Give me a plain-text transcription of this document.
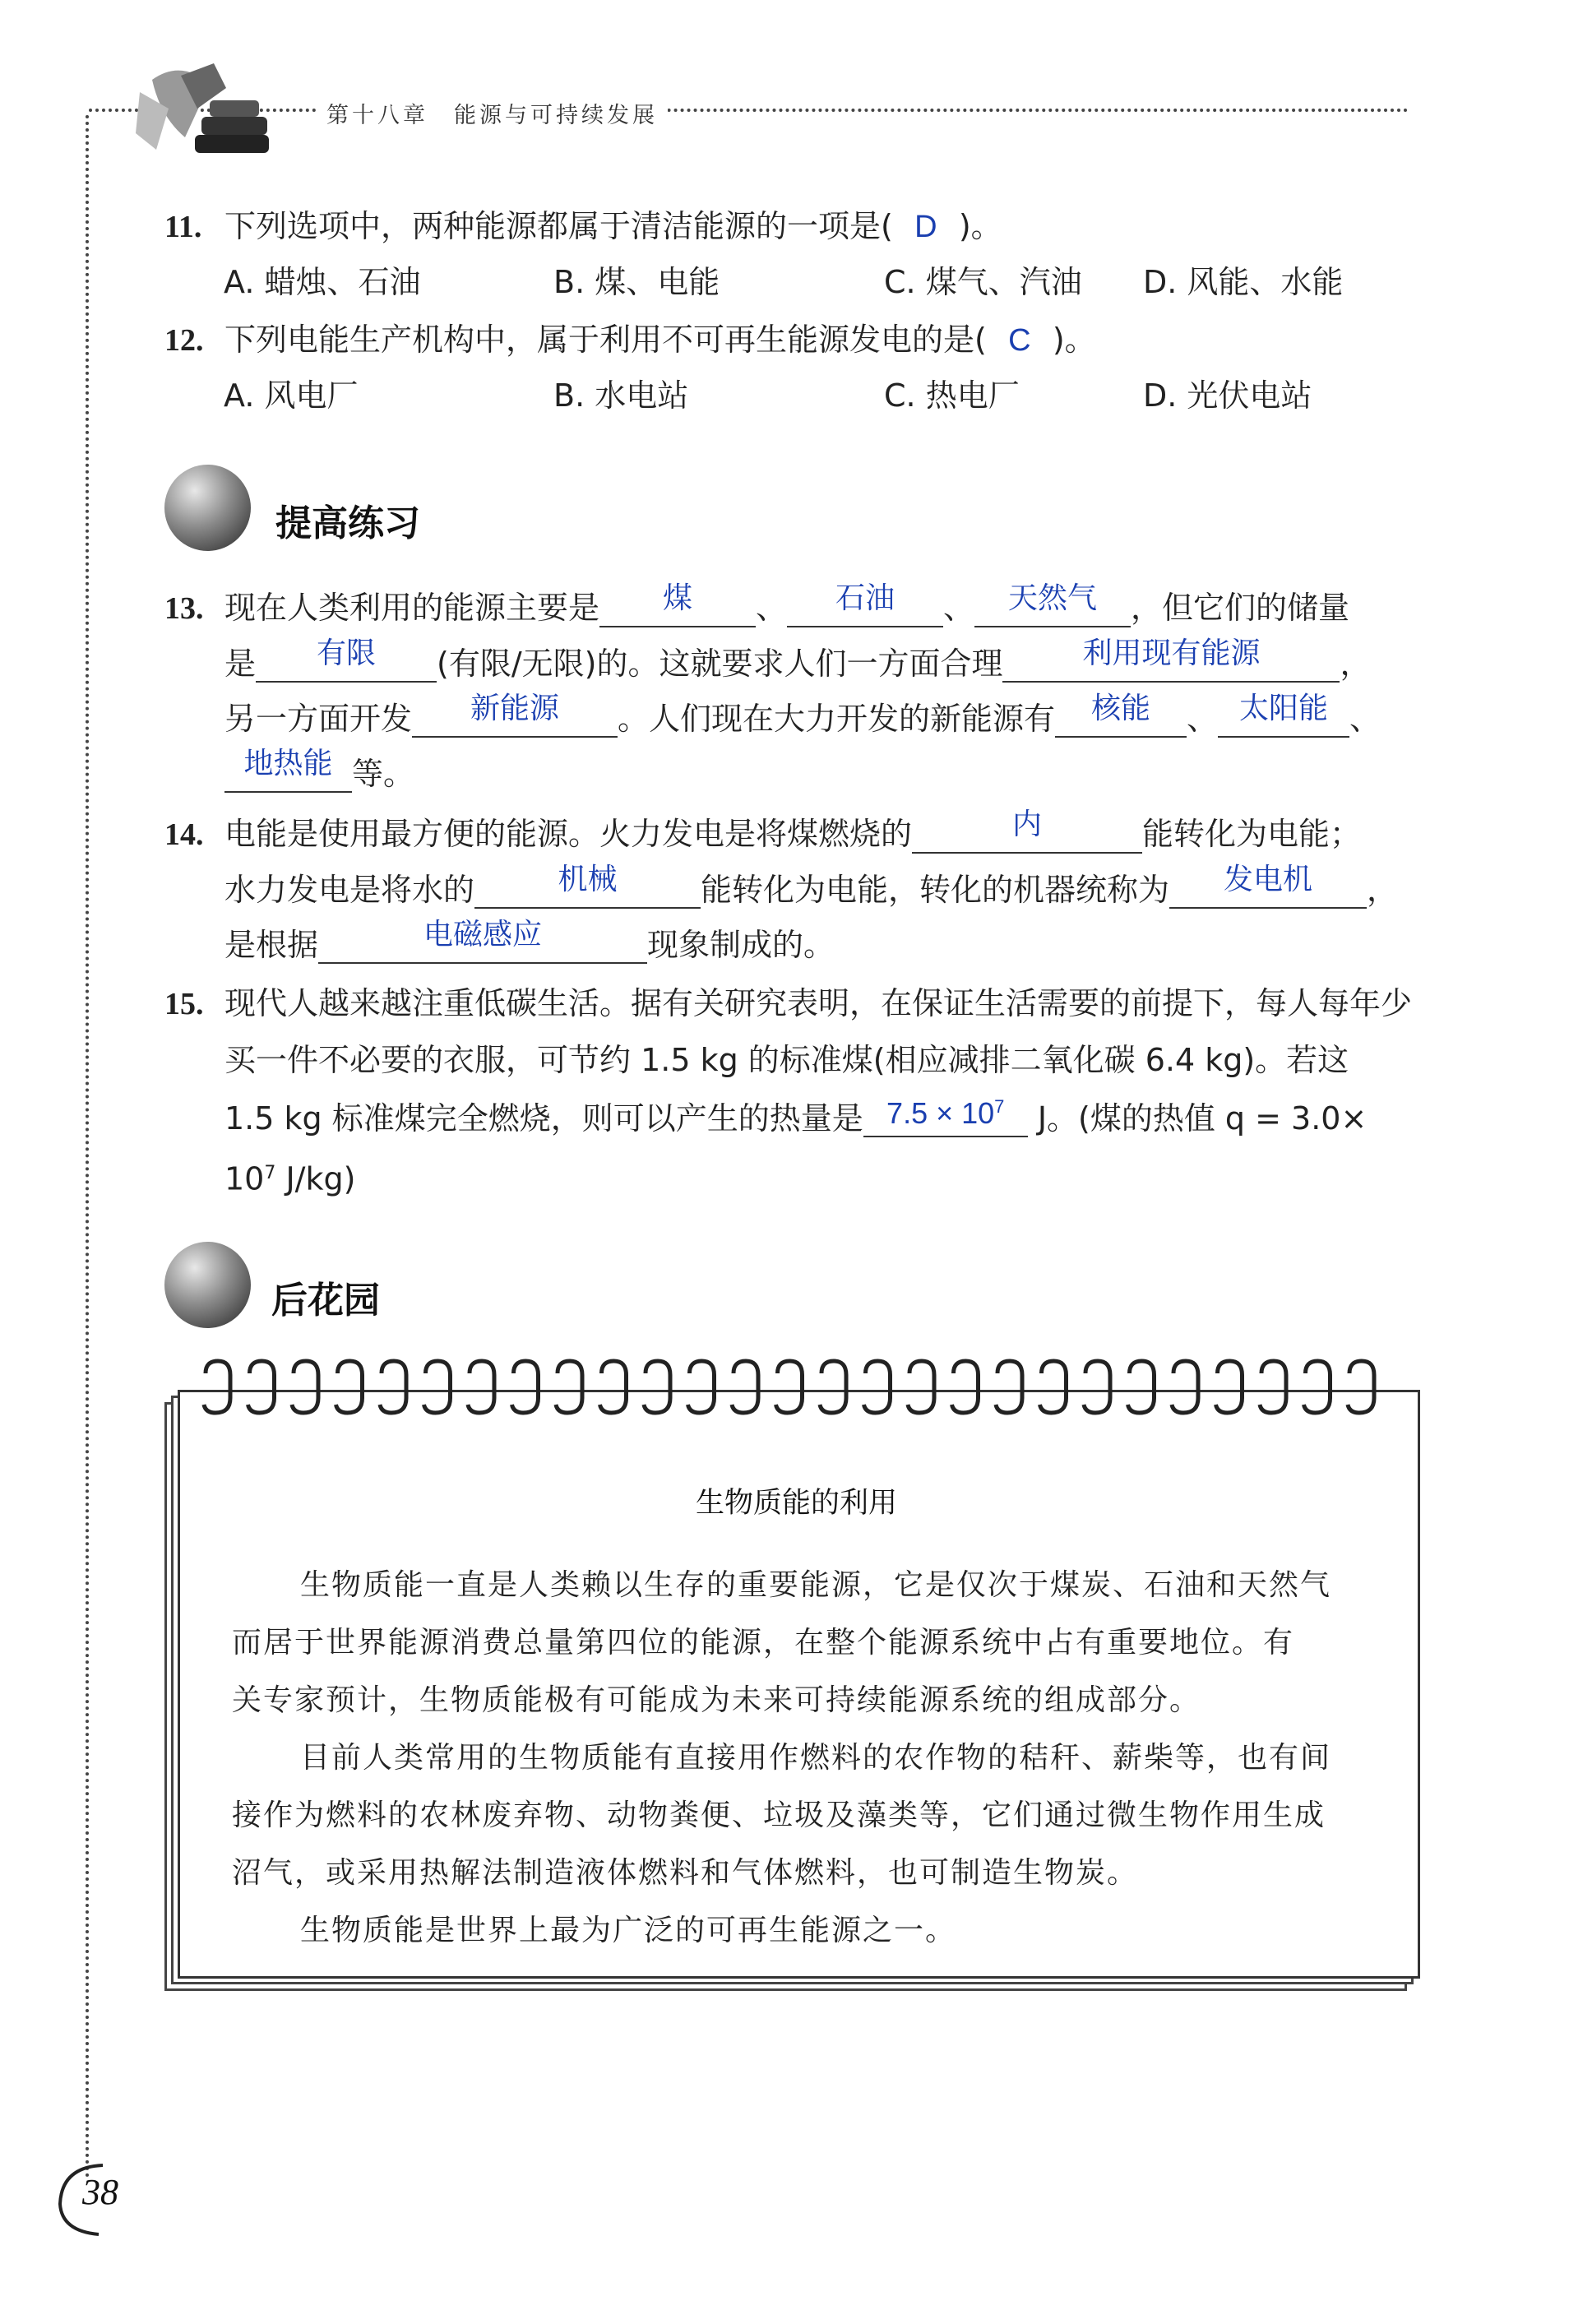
第十八章　能源与可持续发展
11. 下列选项中，两种能源都属于清洁能源的一项是( D )。
A. 蜡烛、石油	B. 煤、电能	C. 煤气、汽油 D. 风能、水能
12. 下列电能生产机构中，属于利用不可再生能源发电的是( C )。
A. 风电厂	B. 水电站	C. 热电厂	D. 光伏电站
提高练习
13. 现在人类利用的能源主要是 煤 、 石油 、 天然气 ，但它们的储量
是 有限 (有限/无限)的。这就要求人们一方面合理	利用现有能源	，
另一方面开发 新能源 。人们现在大力开发的新能源有 核能 、 太阳能 、
地热能 等。
14. 电能是使用最方便的能源。火力发电是将煤燃烧的	内	能转化为电能；
水力发电是将水的	机械	能转化为电能，转化的机器统称为 发电机 ，
是根据	电磁感应	现象制成的。
15. 现代人越来越注重低碳生活。据有关研究表明，在保证生活需要的前提下，每人每年少
买一件不必要的衣服，可节约 1.5 kg 的标准煤(相应减排二氧化碳 6.4 kg)。若这
1.5 kg 标准煤完全燃烧，则可以产生的热量是 $7.5 \times 10^7$ J。(煤的热值 q = 3.0×
$10^7$ J/kg)
后花园
生物质能的利用
生物质能一直是人类赖以生存的重要能源，它是仅次于煤炭、石油和天然气
而居于世界能源消费总量第四位的能源，在整个能源系统中占有重要地位。有
关专家预计，生物质能极有可能成为未来可持续能源系统的组成部分。
目前人类常用的生物质能有直接用作燃料的农作物的秸秆、薪柴等，也有间
接作为燃料的农林废弃物、动物粪便、垃圾及藻类等，它们通过微生物作用生成
沼气，或采用热解法制造液体燃料和气体燃料，也可制造生物炭。
生物质能是世界上最为广泛的可再生能源之一。
38
